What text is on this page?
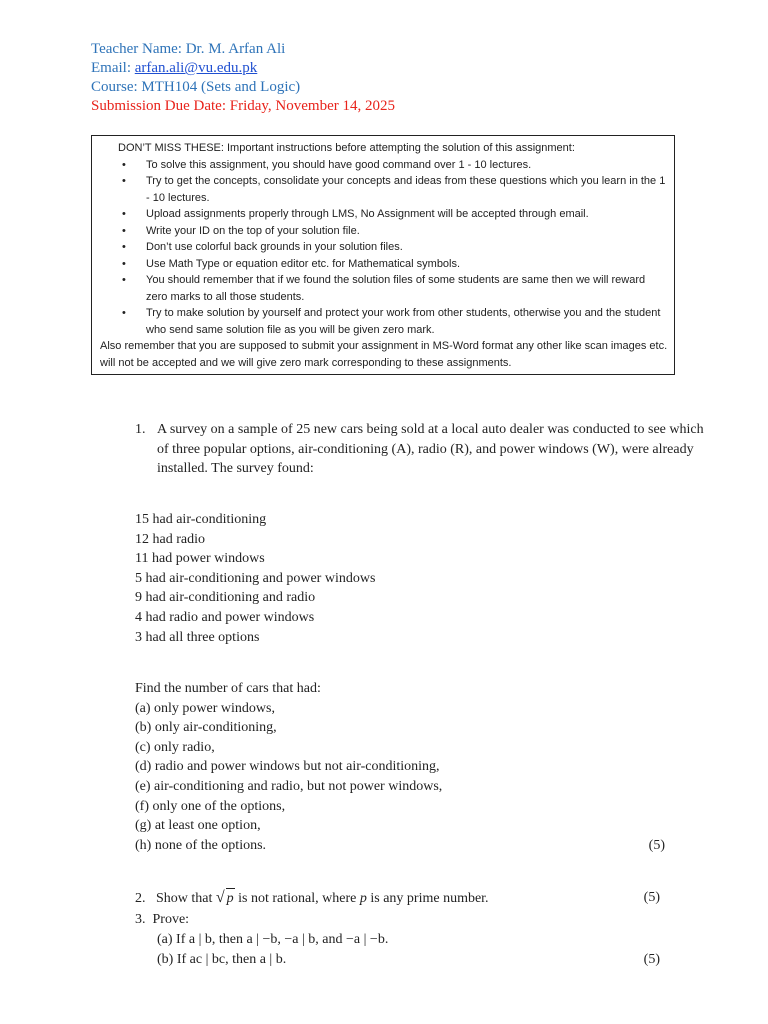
Teacher Name: Dr. M. Arfan Ali
Email: arfan.ali@vu.edu.pk
Course: MTH104 (Sets and Logic)
Submission Due Date: Friday, November 14, 2025
DON’T MISS THESE: Important instructions before attempting the solution of this assignment:
• To solve this assignment, you should have good command over 1 - 10 lectures.
• Try to get the concepts, consolidate your concepts and ideas from these questions which you learn in the 1 - 10 lectures.
• Upload assignments properly through LMS, No Assignment will be accepted through email.
• Write your ID on the top of your solution file.
• Don’t use colorful back grounds in your solution files.
• Use Math Type or equation editor etc. for Mathematical symbols.
• You should remember that if we found the solution files of some students are same then we will reward zero marks to all those students.
• Try to make solution by yourself and protect your work from other students, otherwise you and the student who send same solution file as you will be given zero mark.
Also remember that you are supposed to submit your assignment in MS-Word format any other like scan images etc. will not be accepted and we will give zero mark corresponding to these assignments.
1. A survey on a sample of 25 new cars being sold at a local auto dealer was conducted to see which of three popular options, air-conditioning (A), radio (R), and power windows (W), were already installed. The survey found:
15 had air-conditioning
12 had radio
11 had power windows
5 had air-conditioning and power windows
9 had air-conditioning and radio
4 had radio and power windows
3 had all three options
Find the number of cars that had:
(a) only power windows,
(b) only air-conditioning,
(c) only radio,
(d) radio and power windows but not air-conditioning,
(e) air-conditioning and radio, but not power windows,
(f) only one of the options,
(g) at least one option,
(h) none of the options.	(5)
2. Show that √ p is not rational, where p is any prime number.	(5)
3. Prove:
(a) If a | b, then a | −b, −a | b, and −a | −b.
(b) If ac | bc, then a | b.	(5)
